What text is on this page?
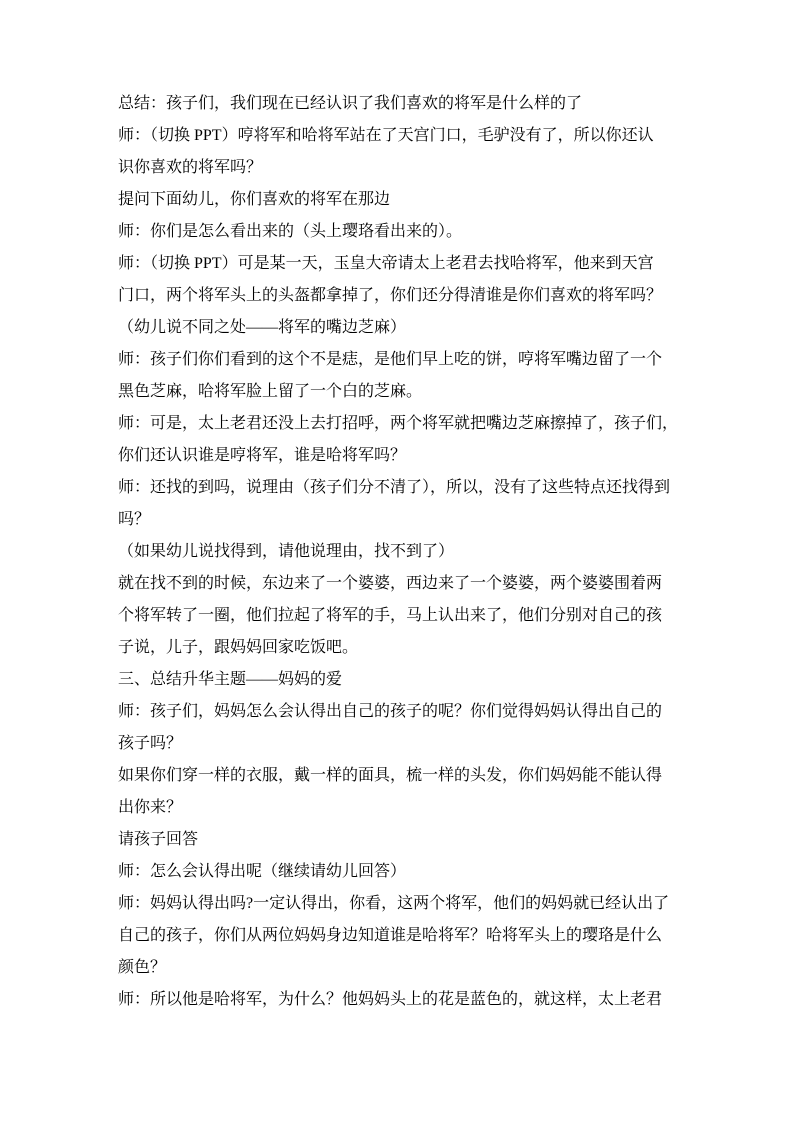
总结：孩子们，我们现在已经认识了我们喜欢的将军是什么样的了
师：（切换 PPT）哼将军和哈将军站在了天宫门口，毛驴没有了，所以你还认
识你喜欢的将军吗？
提问下面幼儿，你们喜欢的将军在那边
师：你们是怎么看出来的（头上璎珞看出来的）。
师：（切换 PPT）可是某一天，玉皇大帝请太上老君去找哈将军，他来到天宫
门口，两个将军头上的头盔都拿掉了，你们还分得清谁是你们喜欢的将军吗？
（幼儿说不同之处——将军的嘴边芝麻）
师：孩子们你们看到的这个不是痣，是他们早上吃的饼，哼将军嘴边留了一个
黑色芝麻，哈将军脸上留了一个白的芝麻。
师：可是，太上老君还没上去打招呼，两个将军就把嘴边芝麻擦掉了，孩子们，
你们还认识谁是哼将军，谁是哈将军吗？
师：还找的到吗，说理由（孩子们分不清了），所以，没有了这些特点还找得到
吗？
（如果幼儿说找得到，请他说理由，找不到了）
就在找不到的时候，东边来了一个婆婆，西边来了一个婆婆，两个婆婆围着两
个将军转了一圈，他们拉起了将军的手，马上认出来了，他们分别对自己的孩
子说，儿子，跟妈妈回家吃饭吧。
三、总结升华主题——妈妈的爱
师：孩子们，妈妈怎么会认得出自己的孩子的呢？你们觉得妈妈认得出自己的
孩子吗？
如果你们穿一样的衣服，戴一样的面具，梳一样的头发，你们妈妈能不能认得
出你来？
请孩子回答
师：怎么会认得出呢（继续请幼儿回答）
师：妈妈认得出吗?一定认得出，你看，这两个将军，他们的妈妈就已经认出了
自己的孩子，你们从两位妈妈身边知道谁是哈将军？哈将军头上的璎珞是什么
颜色？
师：所以他是哈将军，为什么？他妈妈头上的花是蓝色的，就这样，太上老君
